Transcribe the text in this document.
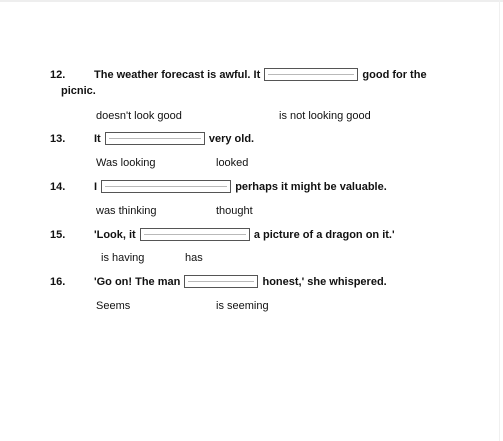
12.	The weather forecast is awful. It	good for the
picnic.
doesn't look good	is not looking good
13.	It	very old.
Was looking	looked
14.	I	perhaps it might be valuable.
was thinking	thought
15.	'Look, it	a picture of a dragon on it.'
is having	has
16.	'Go on! The man	honest,' she whispered.
Seems	is seeming
